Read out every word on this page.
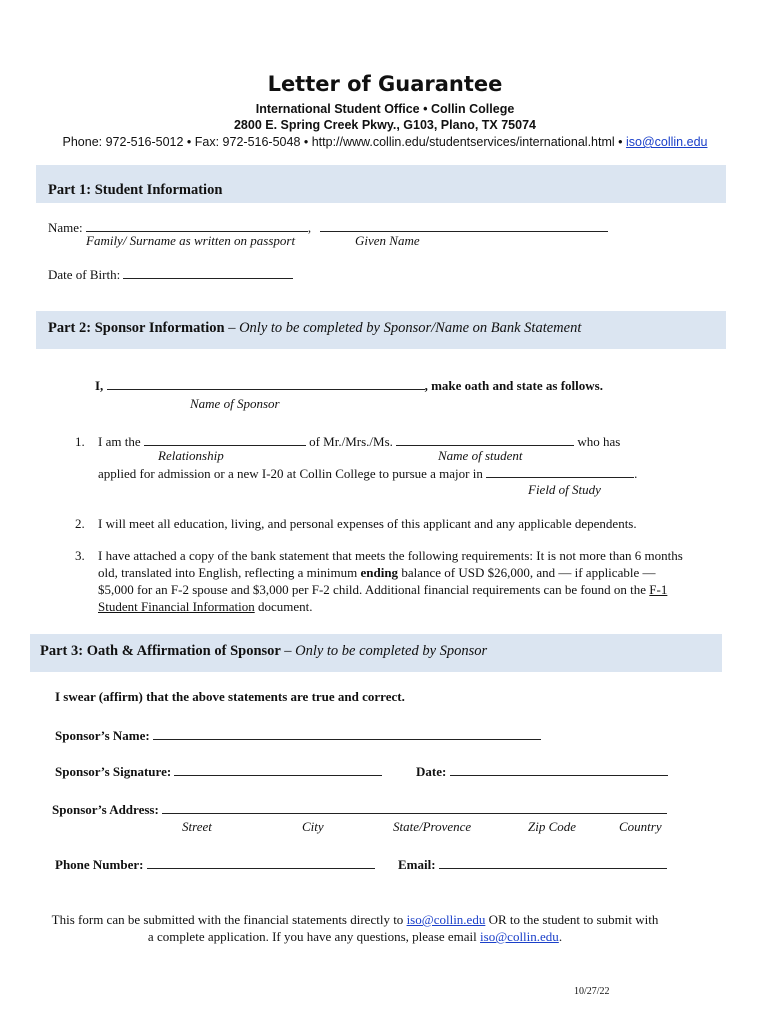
Letter of Guarantee
International Student Office • Collin College
2800 E. Spring Creek Pkwy., G103, Plano, TX 75074
Phone: 972-516-5012 • Fax: 972-516-5048 • http://www.collin.edu/studentservices/international.html • iso@collin.edu
Part 1: Student Information
Name:	,
Family/ Surname as written on passport	Given Name
Date of Birth:
Part 2: Sponsor Information – Only to be completed by Sponsor/Name on Bank Statement
I,	, make oath and state as follows.
Name of Sponsor
1. I am the	of Mr./Mrs./Ms.	who has
Relationship	Name of student
applied for admission or a new I-20 at Collin College to pursue a major in	.
Field of Study
2. I will meet all education, living, and personal expenses of this applicant and any applicable dependents.
3. I have attached a copy of the bank statement that meets the following requirements: It is not more than 6 months old, translated into English, reflecting a minimum ending balance of USD $26,000, and — if applicable — $5,000 for an F-2 spouse and $3,000 per F-2 child. Additional financial requirements can be found on the F-1 Student Financial Information document.
Part 3: Oath & Affirmation of Sponsor – Only to be completed by Sponsor
I swear (affirm) that the above statements are true and correct.
Sponsor’s Name:
Sponsor’s Signature:	Date:
Sponsor’s Address:
Street	City	State/Provence	Zip Code	Country
Phone Number:	Email:
This form can be submitted with the financial statements directly to iso@collin.edu OR to the student to submit with
a complete application. If you have any questions, please email iso@collin.edu.
10/27/22
